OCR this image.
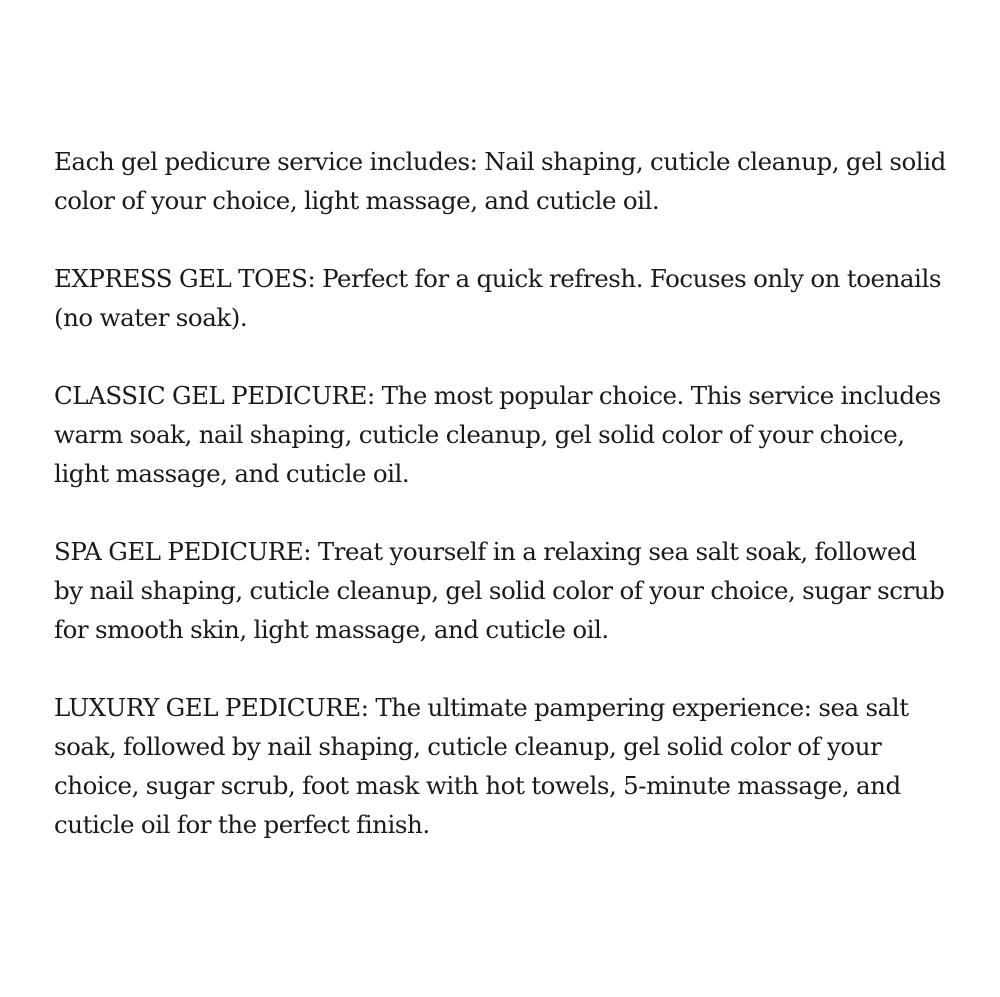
Each gel pedicure service includes: Nail shaping, cuticle cleanup, gel solid
color of your choice, light massage, and cuticle oil.

EXPRESS GEL TOES: Perfect for a quick refresh. Focuses only on toenails
(no water soak).

CLASSIC GEL PEDICURE: The most popular choice. This service includes
warm soak, nail shaping, cuticle cleanup, gel solid color of your choice,
light massage, and cuticle oil.

SPA GEL PEDICURE: Treat yourself in a relaxing sea salt soak, followed
by nail shaping, cuticle cleanup, gel solid color of your choice, sugar scrub
for smooth skin, light massage, and cuticle oil.

LUXURY GEL PEDICURE: The ultimate pampering experience: sea salt
soak, followed by nail shaping, cuticle cleanup, gel solid color of your
choice, sugar scrub, foot mask with hot towels, 5-minute massage, and
cuticle oil for the perfect finish.
